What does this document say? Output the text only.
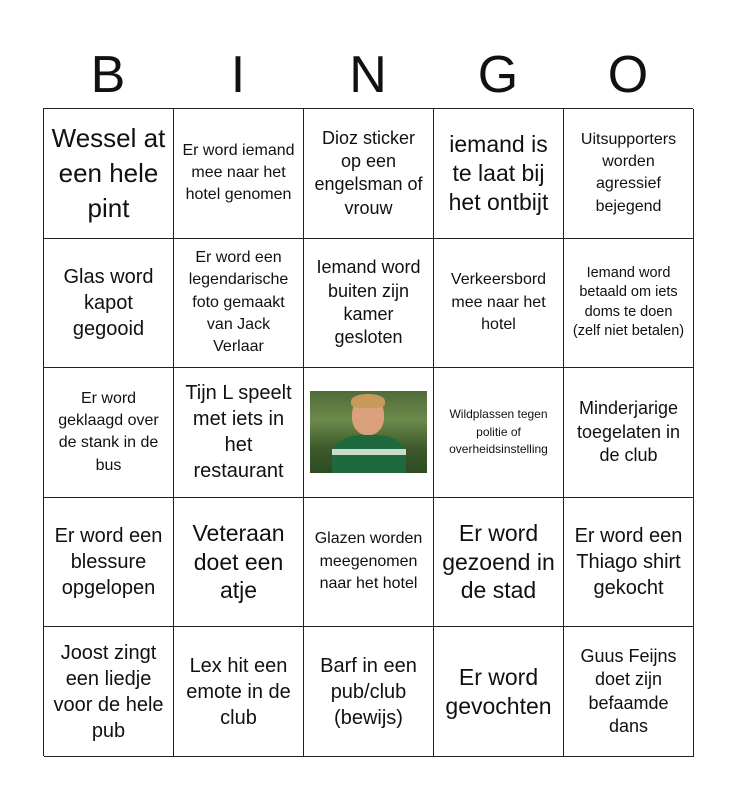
B	I	N	G	O
Wessel at een hele pint
Er word iemand mee naar het hotel genomen
Dioz sticker op een engelsman of vrouw
iemand is te laat bij het ontbijt
Uitsupporters worden agressief bejegend
Glas word kapot gegooid
Er word een legendarische foto gemaakt van Jack Verlaar
Iemand word buiten zijn kamer gesloten
Verkeersbord mee naar het hotel
Iemand word betaald om iets doms te doen (zelf niet betalen)
Er word geklaagd over de stank in de bus
Tijn L speelt met iets in het restaurant
Wildplassen tegen politie of overheidsinstelling
Minderjarige toegelaten in de club
Er word een blessure opgelopen
Veteraan doet een atje
Glazen worden meegenomen naar het hotel
Er word gezoend in de stad
Er word een Thiago shirt gekocht
Joost zingt een liedje voor de hele pub
Lex hit een emote in de club
Barf in een pub/club (bewijs)
Er word gevochten
Guus Feijns doet zijn befaamde dans
